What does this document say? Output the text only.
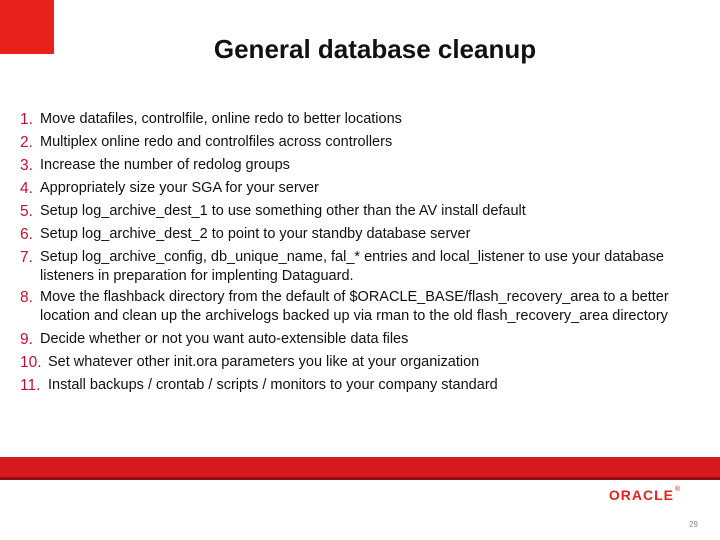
General database cleanup
1. Move datafiles, controlfile, online redo to better locations
2. Multiplex online redo and controlfiles across controllers
3. Increase the number of redolog groups
4. Appropriately size your SGA for your server
5. Setup log_archive_dest_1 to use something other than the AV install default
6. Setup log_archive_dest_2 to point to your standby database server
7. Setup log_archive_config, db_unique_name, fal_* entries and local_listener to use your database listeners in preparation for implenting Dataguard.
8. Move the flashback directory from the default of $ORACLE_BASE/flash_recovery_area to a better location and clean up the archivelogs backed up via rman to the old flash_recovery_area directory
9. Decide whether or not you want auto-extensible data files
10. Set whatever other init.ora parameters you like at your organization
11. Install backups / crontab / scripts / monitors to your company standard
ORACLE ®
29
